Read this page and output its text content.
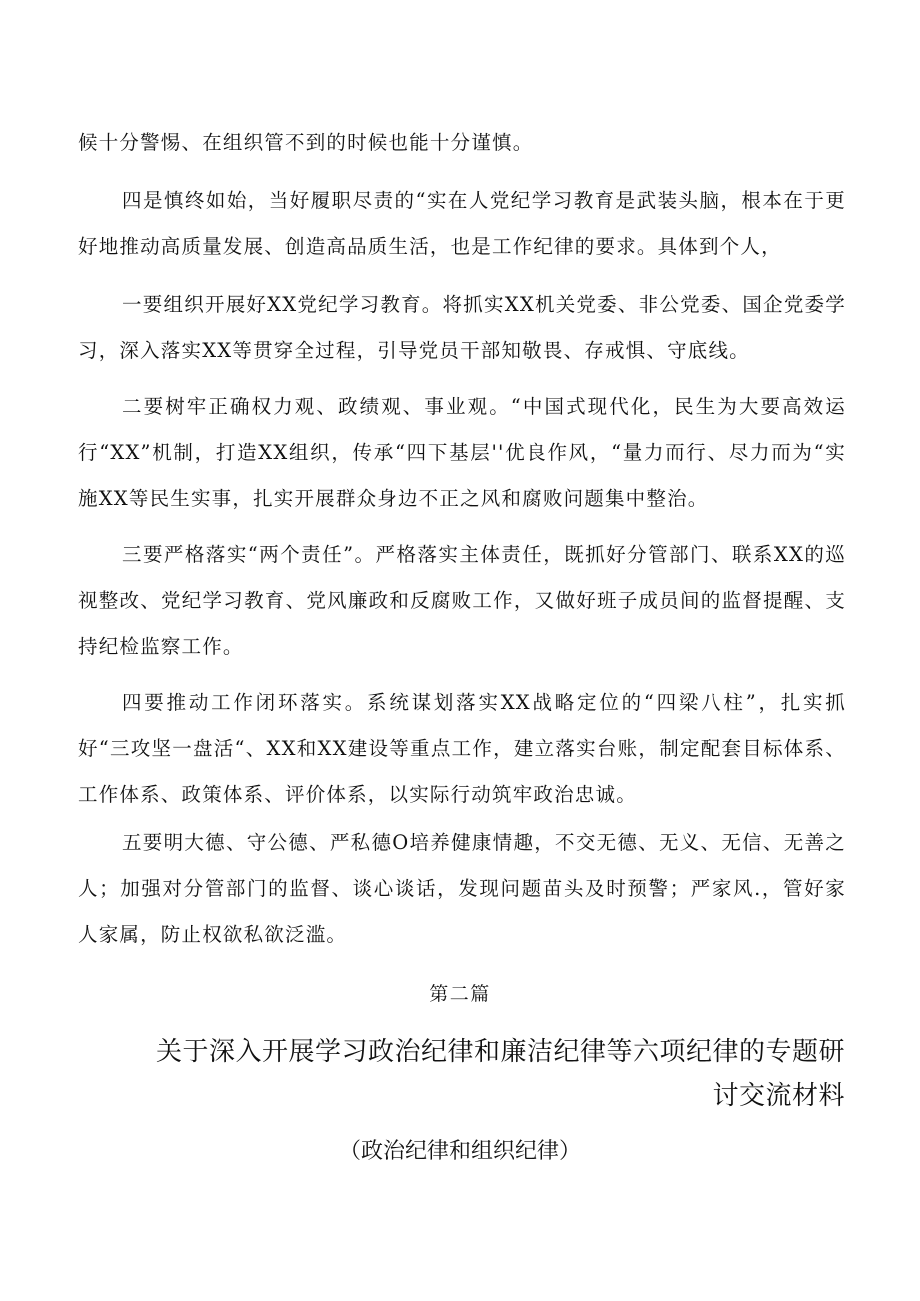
候十分警惕、在组织管不到的时候也能十分谨慎。

四是慎终如始，当好履职尽责的“实在人党纪学习教育是武装头脑，根本在于更好地推动高质量发展、创造高品质生活，也是工作纪律的要求。具体到个人，

一要组织开展好XX党纪学习教育。将抓实XX机关党委、非公党委、国企党委学习，深入落实XX等贯穿全过程，引导党员干部知敬畏、存戒惧、守底线。

二要树牢正确权力观、政绩观、事业观。“中国式现代化，民生为大要高效运行“XX”机制，打造XX组织，传承“四下基层''优良作风，“量力而行、尽力而为“实施XX等民生实事，扎实开展群众身边不正之风和腐败问题集中整治。

三要严格落实“两个责任”。严格落实主体责任，既抓好分管部门、联系XX的巡视整改、党纪学习教育、党风廉政和反腐败工作，又做好班子成员间的监督提醒、支持纪检监察工作。

四要推动工作闭环落实。系统谋划落实XX战略定位的“四梁八柱”，扎实抓好“三攻坚一盘活“、XX和XX建设等重点工作，建立落实台账，制定配套目标体系、工作体系、政策体系、评价体系，以实际行动筑牢政治忠诚。

五要明大德、守公德、严私德O培养健康情趣，不交无德、无义、无信、无善之人；加强对分管部门的监督、谈心谈话，发现问题苗头及时预警；严家风.，管好家人家属，防止权欲私欲泛滥。

第二篇
关于深入开展学习政治纪律和廉洁纪律等六项纪律的专题研
讨交流材料
（政治纪律和组织纪律）
